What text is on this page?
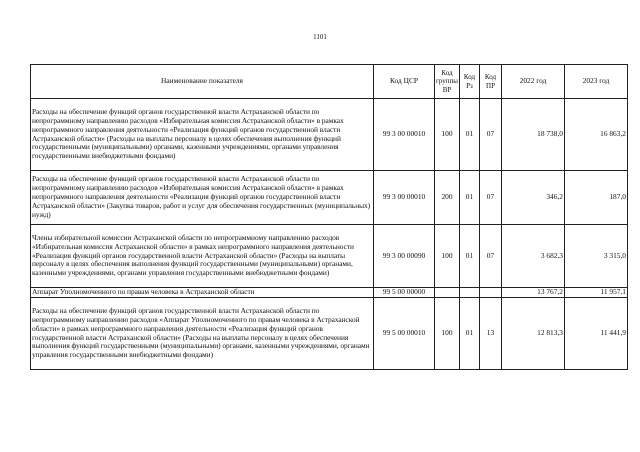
1101
Наименование показателя	Код ЦСР	Код группы ВР	Код Рз	Код ПР	2022 год	2023 год
Расходы на обеспечение функций органов государственной власти Астраханской области по непрограммному направлению расходов «Избирательная комиссия Астраханской области» в рамках непрограммного направления деятельности «Реализация функций органов государственной власти Астраханской области» (Расходы на выплаты персоналу в целях обеспечения выполнения функций государственными (муниципальными) органами, казенными учреждениями, органами управления государственными внебюджетными фондами)	99 3 00 00010	100	01	07	18 738,0	16 863,2
Расходы на обеспечение функций органов государственной власти Астраханской области по непрограммному направлению расходов «Избирательная комиссия Астраханской области» в рамках непрограммного направления деятельности «Реализация функций органов государственной власти Астраханской области» (Закупка товаров, работ и услуг для обеспечения государственных (муниципальных) нужд)	99 3 00 00010	200	01	07	346,2	187,0
Члены избирательной комиссии Астраханской области по непрограммному направлению расходов «Избирательная комиссия Астраханской области» в рамках непрограммного направления деятельности «Реализация функций органов государственной власти Астраханской области» (Расходы на выплаты персоналу в целях обеспечения выполнения функций государственными (муниципальными) органами, казенными учреждениями, органами управления государственными внебюджетными фондами)	99 3 00 00090	100	01	07	3 682,3	3 315,0
Аппарат Уполномоченного по правам человека в Астраханской области	99 5 00 00000				13 767,2	11 957,1
Расходы на обеспечение функций органов государственной власти Астраханской области по непрограммному направлению расходов «Аппарат Уполномоченного по правам человека в Астраханской области» в рамках непрограммного направления деятельности «Реализация функций органов государственной власти Астраханской области» (Расходы на выплаты персоналу в целях обеспечения выполнения функций государственными (муниципальными) органами, казенными учреждениями, органами управления государственными внебюджетными фондами)	99 5 00 00010	100	01	13	12 813,3	11 441,9
